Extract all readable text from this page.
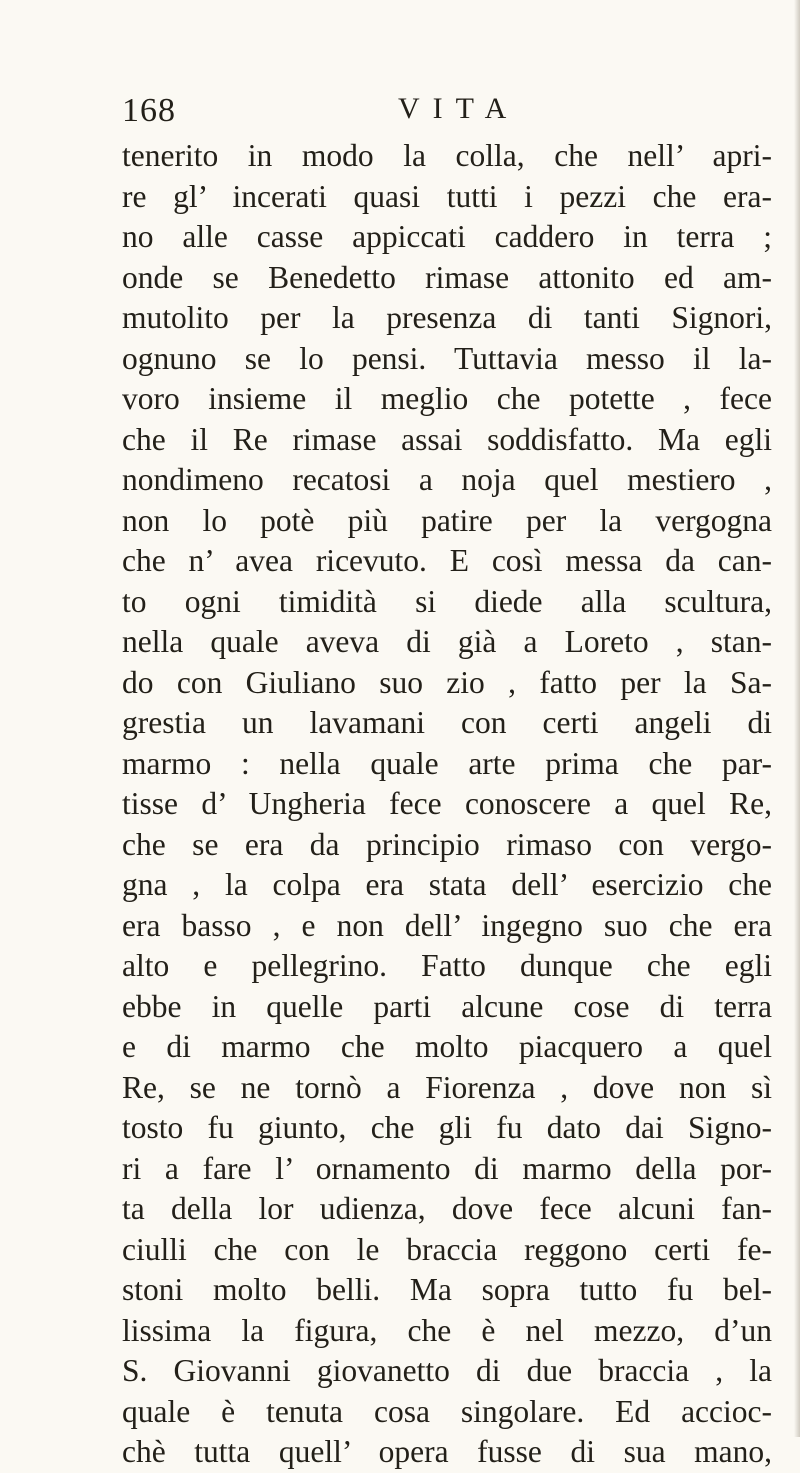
168	VITA
tenerito in modo la colla, che nell’ apri-
re gl’ incerati quasi tutti i pezzi che era-
no alle casse appiccati caddero in terra ;
onde se Benedetto rimase attonito ed am-
mutolito per la presenza di tanti Signori,
ognuno se lo pensi. Tuttavia messo il la-
voro insieme il meglio che potette , fece
che il Re rimase assai soddisfatto. Ma egli
nondimeno recatosi a noja quel mestiero ,
non lo potè più patire per la vergogna
che n’ avea ricevuto. E così messa da can-
to ogni timidità si diede alla scultura,
nella quale aveva di già a Loreto , stan-
do con Giuliano suo zio , fatto per la Sa-
grestia un lavamani con certi angeli di
marmo : nella quale arte prima che par-
tisse d’ Ungheria fece conoscere a quel Re,
che se era da principio rimaso con vergo-
gna , la colpa era stata dell’ esercizio che
era basso , e non dell’ ingegno suo che era
alto e pellegrino. Fatto dunque che egli
ebbe in quelle parti alcune cose di terra
e di marmo che molto piacquero a quel
Re, se ne tornò a Fiorenza , dove non sì
tosto fu giunto, che gli fu dato dai Signo-
ri a fare l’ ornamento di marmo della por-
ta della lor udienza, dove fece alcuni fan-
ciulli che con le braccia reggono certi fe-
stoni molto belli. Ma sopra tutto fu bel-
lissima la figura, che è nel mezzo, d’un
S. Giovanni giovanetto di due braccia , la
quale è tenuta cosa singolare. Ed accioc-
chè tutta quell’ opera fusse di sua mano,
